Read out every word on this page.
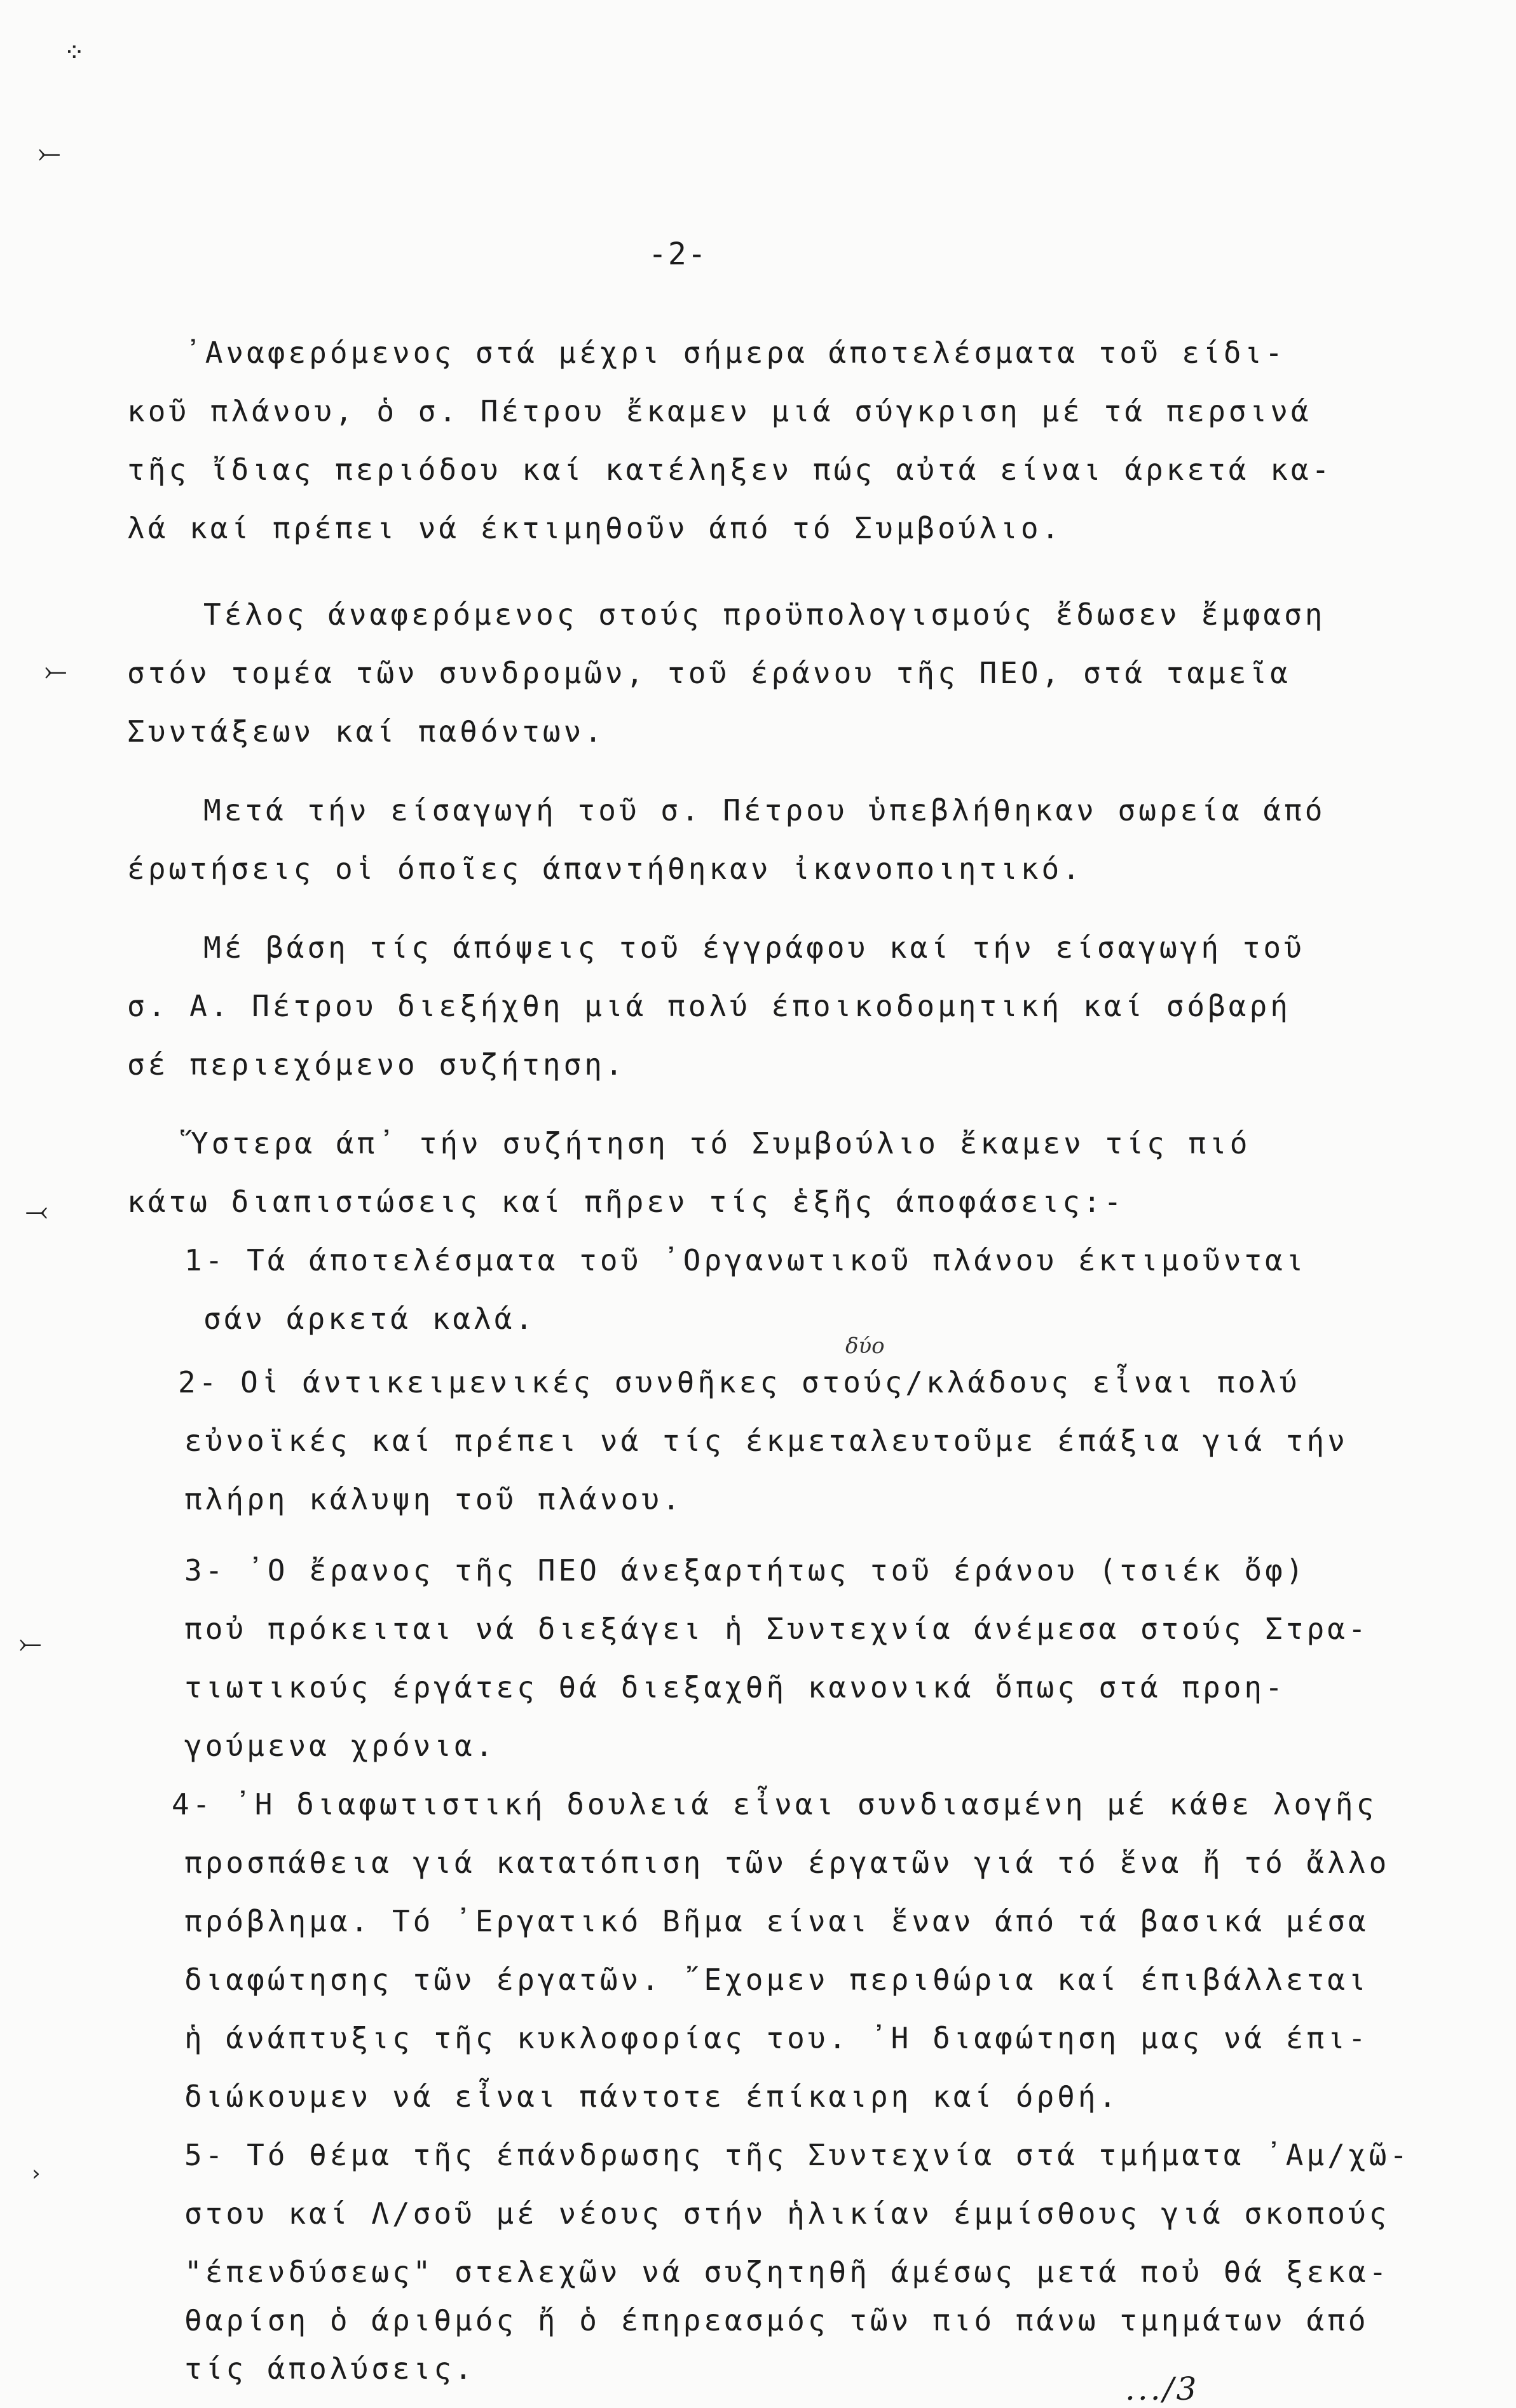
⁘
⤚
⤚
⤙
⤚
›
-2-
᾽Αναφερόμενος στά μέχρι σήμερα άποτελέσματα τοῦ είδι-
κοῦ πλάνου, ὁ σ. Πέτρου ἔκαμεν μιά σύγκριση μέ τά περσινά
τῆς ἴδιας περιόδου καί κατέληξεν πώς αὐτά είναι άρκετά κα-
λά καί πρέπει νά έκτιμηθοῦν άπό τό Συμβούλιο.
Τέλος άναφερόμενος στούς προϋπολογισμούς ἔδωσεν ἔμφαση
στόν τομέα τῶν συνδρομῶν, τοῦ έράνου τῆς ΠΕΟ, στά ταμεῖα
Συντάξεων καί παθόντων.
Μετά τήν είσαγωγή τοῦ σ. Πέτρου ὑπεβλήθηκαν σωρεία άπό
έρωτήσεις οἱ όποῖες άπαντήθηκαν ἰκανοποιητικό.
Μέ βάση τίς άπόψεις τοῦ έγγράφου καί τήν είσαγωγή τοῦ
σ. Α. Πέτρου διεξήχθη μιά πολύ έποικοδομητική καί σόβαρή
σέ περιεχόμενο συζήτηση.
Ὕστερα άπ᾽ τήν συζήτηση τό Συμβούλιο ἔκαμεν τίς πιό
κάτω διαπιστώσεις καί πῆρεν τίς ἑξῆς άποφάσεις:-
1- Τά άποτελέσματα τοῦ ᾽Οργανωτικοῦ πλάνου έκτιμοῦνται
σάν άρκετά καλά.
δύο
2- Οἱ άντικειμενικές συνθῆκες στούς/κλάδους εἶναι πολύ
εὐνοϊκές καί πρέπει νά τίς έκμεταλευτοῦμε έπάξια γιά τήν
πλήρη κάλυψη τοῦ πλάνου.
3- ᾽Ο ἔρανος τῆς ΠΕΟ άνεξαρτήτως τοῦ έράνου (τσιέκ ὄφ)
ποὐ πρόκειται νά διεξάγει ἡ Συντεχνία άνέμεσα στούς Στρα-
τιωτικούς έργάτες θά διεξαχθῆ κανονικά ὅπως στά προη-
γούμενα χρόνια.
4- ᾽Η διαφωτιστική δουλειά εἶναι συνδιασμένη μέ κάθε λογῆς
προσπάθεια γιά κατατόπιση τῶν έργατῶν γιά τό ἕνα ἤ τό ἄλλο
πρόβλημα. Τό ᾽Εργατικό Βῆμα είναι ἕναν άπό τά βασικά μέσα
διαφώτησης τῶν έργατῶν. ῎Εχομεν περιθώρια καί έπιβάλλεται
ἡ άνάπτυξις τῆς κυκλοφορίας του. ᾽Η διαφώτηση μας νά έπι-
διώκουμεν νά εἶναι πάντοτε έπίκαιρη καί όρθή.
5- Τό θέμα τῆς έπάνδρωσης τῆς Συντεχνία στά τμήματα ᾽Αμ/χῶ-
στου καί Λ/σοῦ μέ νέους στήν ἡλικίαν έμμίσθους γιά σκοπούς
"έπενδύσεως" στελεχῶν νά συζητηθῆ άμέσως μετά ποὐ θά ξεκα-
θαρίση ὁ άριθμός ἤ ὁ έπηρεασμός τῶν πιό πάνω τμημάτων άπό
τίς άπολύσεις.
.../3
